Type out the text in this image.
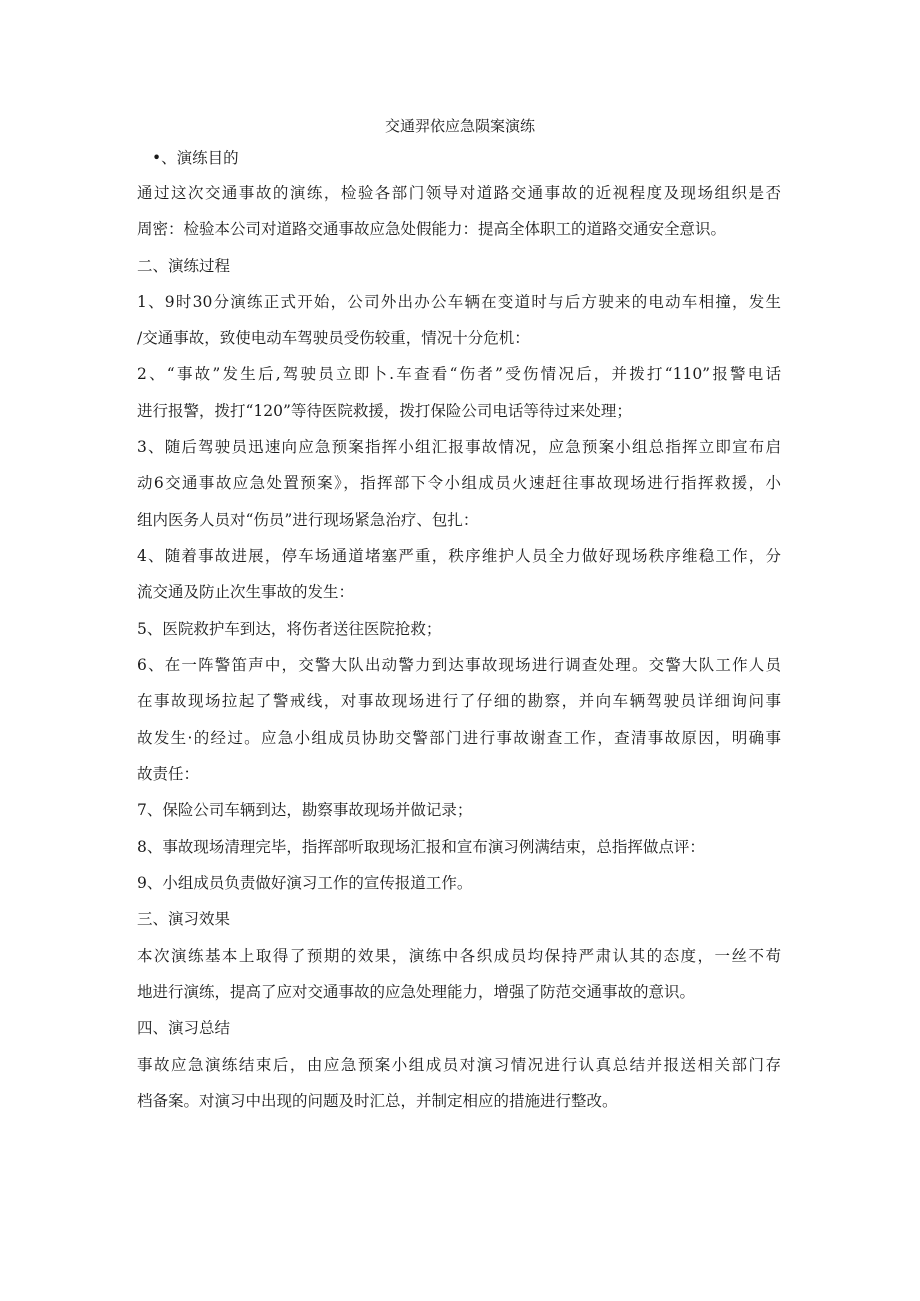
交通羿依应急陨案演练
•、演练目的
通过这次交通事故的演练，检验各部门领导对道路交通事故的近视程度及现场组织是否
周密：检验本公司对道路交通事故应急处假能力：提高全体职工的道路交通安全意识。
二、演练过程
1、9时30分演练正式开始，公司外出办公车辆在变道时与后方驶来的电动车相撞，发生
/交通事故，致使电动车驾驶员受伤较重，情况十分危机：
2、“事故”发生后,驾驶员立即卜.车查看“伤者”受伤情况后，并拨打“110”报警电话
进行报警，拨打“120”等待医院救援，拨打保险公司电话等待过来处理；
3、随后驾驶员迅速向应急预案指挥小组汇报事故情况，应急预案小组总指挥立即宣布启
动6交通事故应急处置预案》，指挥部下令小组成员火速赶往事故现场进行指挥救援，小
组内医务人员对“伤员”进行现场紧急治疗、包扎：
4、随着事故进展，停车场通道堵塞严重，秩序维护人员全力做好现场秩序维稳工作，分
流交通及防止次生事故的发生：
5、医院救护车到达，将伤者送往医院抢救；
6、在一阵警笛声中，交警大队出动警力到达事故现场进行调查处理。交警大队工作人员
在事故现场拉起了警戒线，对事故现场进行了仔细的勘察，并向车辆驾驶员详细询问事
故发生·的经过。应急小组成员协助交警部门进行事故谢查工作，查清事故原因，明确事
故责任：
7、保险公司车辆到达，勘察事故现场并做记录；
8、事故现场清理完毕，指挥部听取现场汇报和宣布演习例满结束，总指挥做点评：
9、小组成员负责做好演习工作的宣传报道工作。
三、演习效果
本次演练基本上取得了预期的效果，演练中各织成员均保持严肃认其的态度，一丝不苟
地进行演练，提高了应对交通事故的应急处理能力，增强了防范交通事故的意识。
四、演习总结
事故应急演练结束后，由应急预案小组成员对演习情况进行认真总结并报送相关部门存
档备案。对演习中出现的问题及时汇总，并制定相应的措施进行整改。
